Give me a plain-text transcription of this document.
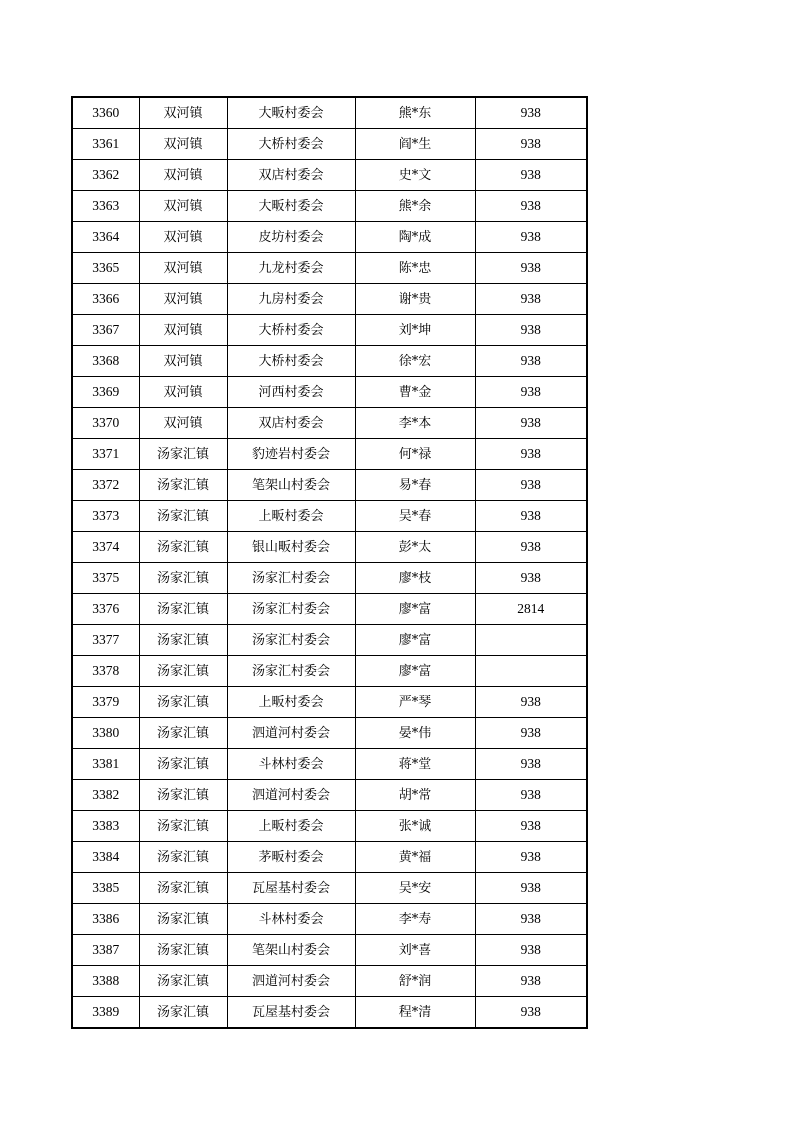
3360	双河镇	大畈村委会	熊*东	938
3361	双河镇	大桥村委会	阎*生	938
3362	双河镇	双店村委会	史*文	938
3363	双河镇	大畈村委会	熊*余	938
3364	双河镇	皮坊村委会	陶*成	938
3365	双河镇	九龙村委会	陈*忠	938
3366	双河镇	九房村委会	谢*贵	938
3367	双河镇	大桥村委会	刘*坤	938
3368	双河镇	大桥村委会	徐*宏	938
3369	双河镇	河西村委会	曹*金	938
3370	双河镇	双店村委会	李*本	938
3371	汤家汇镇	豹迹岩村委会	何*禄	938
3372	汤家汇镇	笔架山村委会	易*春	938
3373	汤家汇镇	上畈村委会	吴*春	938
3374	汤家汇镇	银山畈村委会	彭*太	938
3375	汤家汇镇	汤家汇村委会	廖*枝	938
3376	汤家汇镇	汤家汇村委会	廖*富	2814
3377	汤家汇镇	汤家汇村委会	廖*富	
3378	汤家汇镇	汤家汇村委会	廖*富	
3379	汤家汇镇	上畈村委会	严*琴	938
3380	汤家汇镇	泗道河村委会	晏*伟	938
3381	汤家汇镇	斗林村委会	蒋*堂	938
3382	汤家汇镇	泗道河村委会	胡*常	938
3383	汤家汇镇	上畈村委会	张*诚	938
3384	汤家汇镇	茅畈村委会	黄*福	938
3385	汤家汇镇	瓦屋基村委会	吴*安	938
3386	汤家汇镇	斗林村委会	李*寿	938
3387	汤家汇镇	笔架山村委会	刘*喜	938
3388	汤家汇镇	泗道河村委会	舒*润	938
3389	汤家汇镇	瓦屋基村委会	程*清	938
